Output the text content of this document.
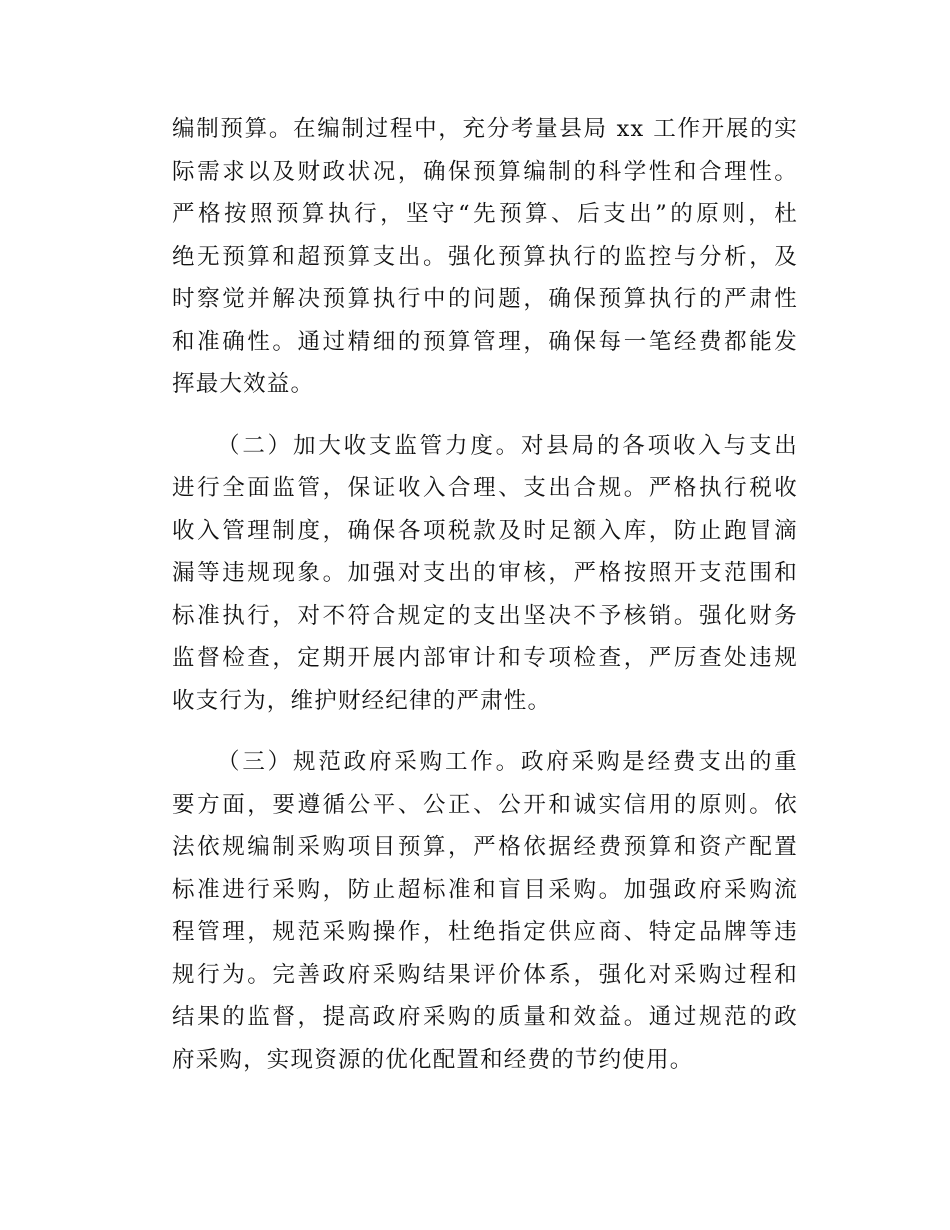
编制预算。在编制过程中，充分考量县局 xx 工作开展的实
际需求以及财政状况，确保预算编制的科学性和合理性。
严格按照预算执行，坚守“先预算、后支出”的原则，杜
绝无预算和超预算支出。强化预算执行的监控与分析，及
时察觉并解决预算执行中的问题，确保预算执行的严肃性
和准确性。通过精细的预算管理，确保每一笔经费都能发
挥最大效益。

（二）加大收支监管力度。对县局的各项收入与支出
进行全面监管，保证收入合理、支出合规。严格执行税收
收入管理制度，确保各项税款及时足额入库，防止跑冒滴
漏等违规现象。加强对支出的审核，严格按照开支范围和
标准执行，对不符合规定的支出坚决不予核销。强化财务
监督检查，定期开展内部审计和专项检查，严厉查处违规
收支行为，维护财经纪律的严肃性。

（三）规范政府采购工作。政府采购是经费支出的重
要方面，要遵循公平、公正、公开和诚实信用的原则。依
法依规编制采购项目预算，严格依据经费预算和资产配置
标准进行采购，防止超标准和盲目采购。加强政府采购流
程管理，规范采购操作，杜绝指定供应商、特定品牌等违
规行为。完善政府采购结果评价体系，强化对采购过程和
结果的监督，提高政府采购的质量和效益。通过规范的政
府采购，实现资源的优化配置和经费的节约使用。
